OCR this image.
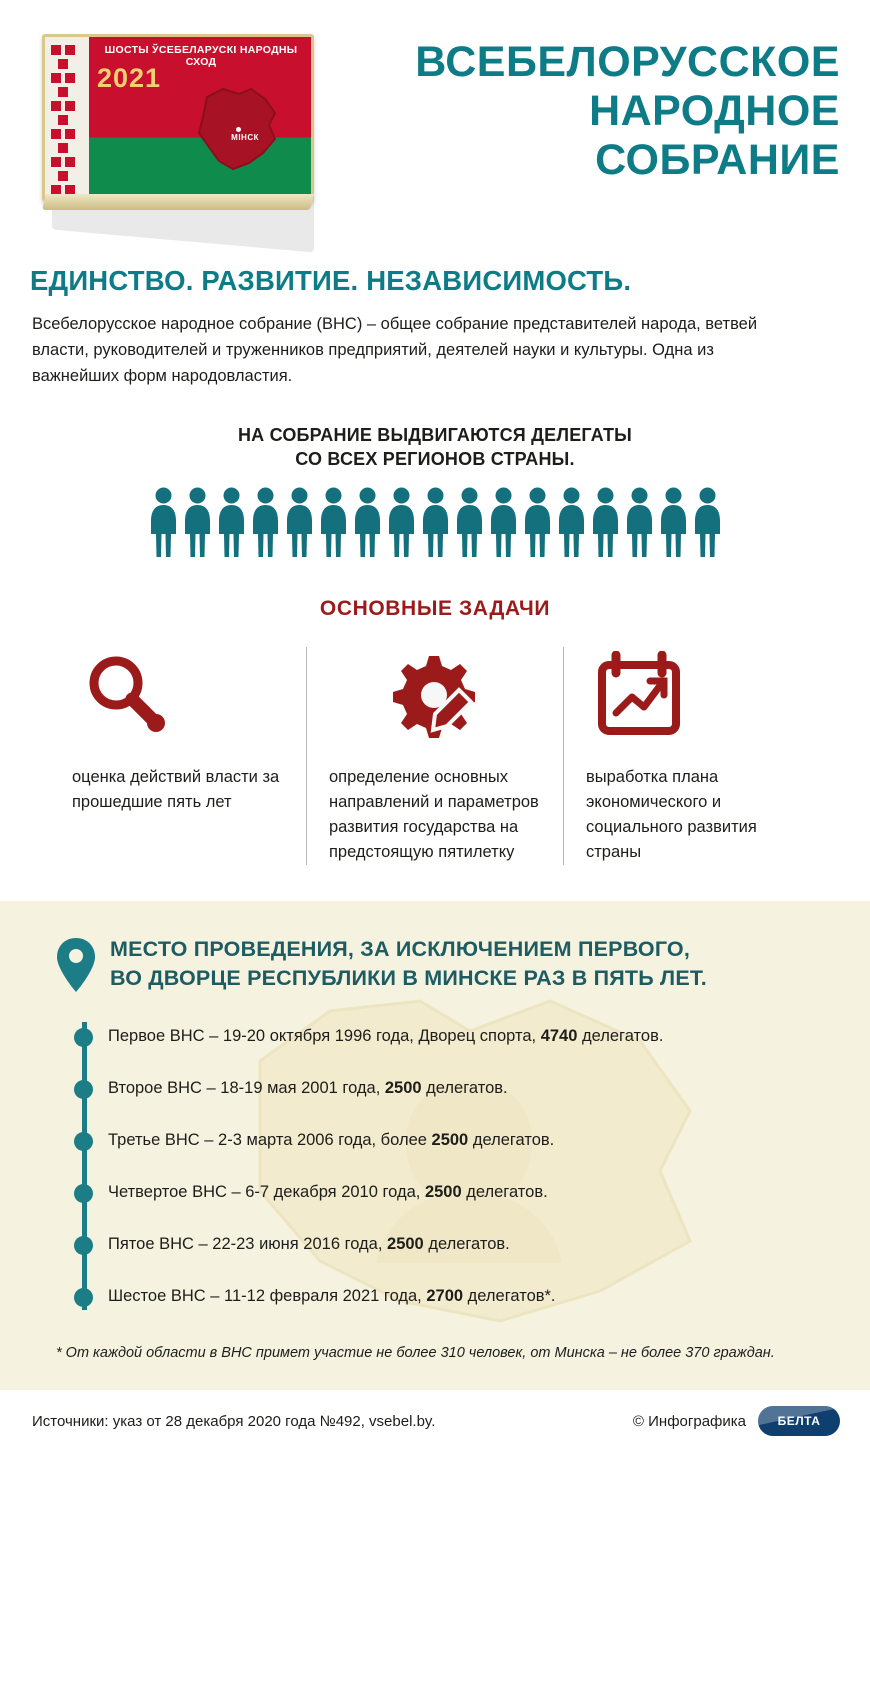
ШОСТЫ ЎСЕБЕЛАРУСКІ НАРОДНЫ СХОД
2021
МІНСК
ВСЕБЕЛОРУССКОЕ
НАРОДНОЕ
СОБРАНИЕ
ЕДИНСТВО. РАЗВИТИЕ. НЕЗАВИСИМОСТЬ.
Всебелорусское народное собрание (ВНС) – общее собрание представителей народа, ветвей власти, руководителей и труженников предприятий, деятелей науки и культуры. Одна из важнейших форм народовластия.
НА СОБРАНИЕ ВЫДВИГАЮТСЯ ДЕЛЕГАТЫ
СО ВСЕХ РЕГИОНОВ СТРАНЫ.
ОСНОВНЫЕ ЗАДАЧИ
оценка действий власти за прошедшие пять лет
определение основных направлений и параметров развития государства на предстоящую пятилетку
выработка плана экономического и социального развития страны
МЕСТО ПРОВЕДЕНИЯ, ЗА ИСКЛЮЧЕНИЕМ ПЕРВОГО,
ВО ДВОРЦЕ РЕСПУБЛИКИ В МИНСКЕ РАЗ В ПЯТЬ ЛЕТ.
Первое ВНС – 19-20 октября 1996 года, Дворец спорта, 4740 делегатов.
Второе ВНС – 18-19 мая 2001 года, 2500 делегатов.
Третье ВНС – 2-3 марта 2006 года, более 2500 делегатов.
Четвертое ВНС – 6-7 декабря 2010 года, 2500 делегатов.
Пятое ВНС – 22-23 июня 2016 года, 2500 делегатов.
Шестое ВНС – 11-12 февраля 2021 года, 2700 делегатов*.
* От каждой области в ВНС примет участие не более 310 человек, от Минска – не более 370 граждан.
Источники: указ от 28 декабря 2020 года №492, vsebel.by.	© Инфографика	БЕЛТА
